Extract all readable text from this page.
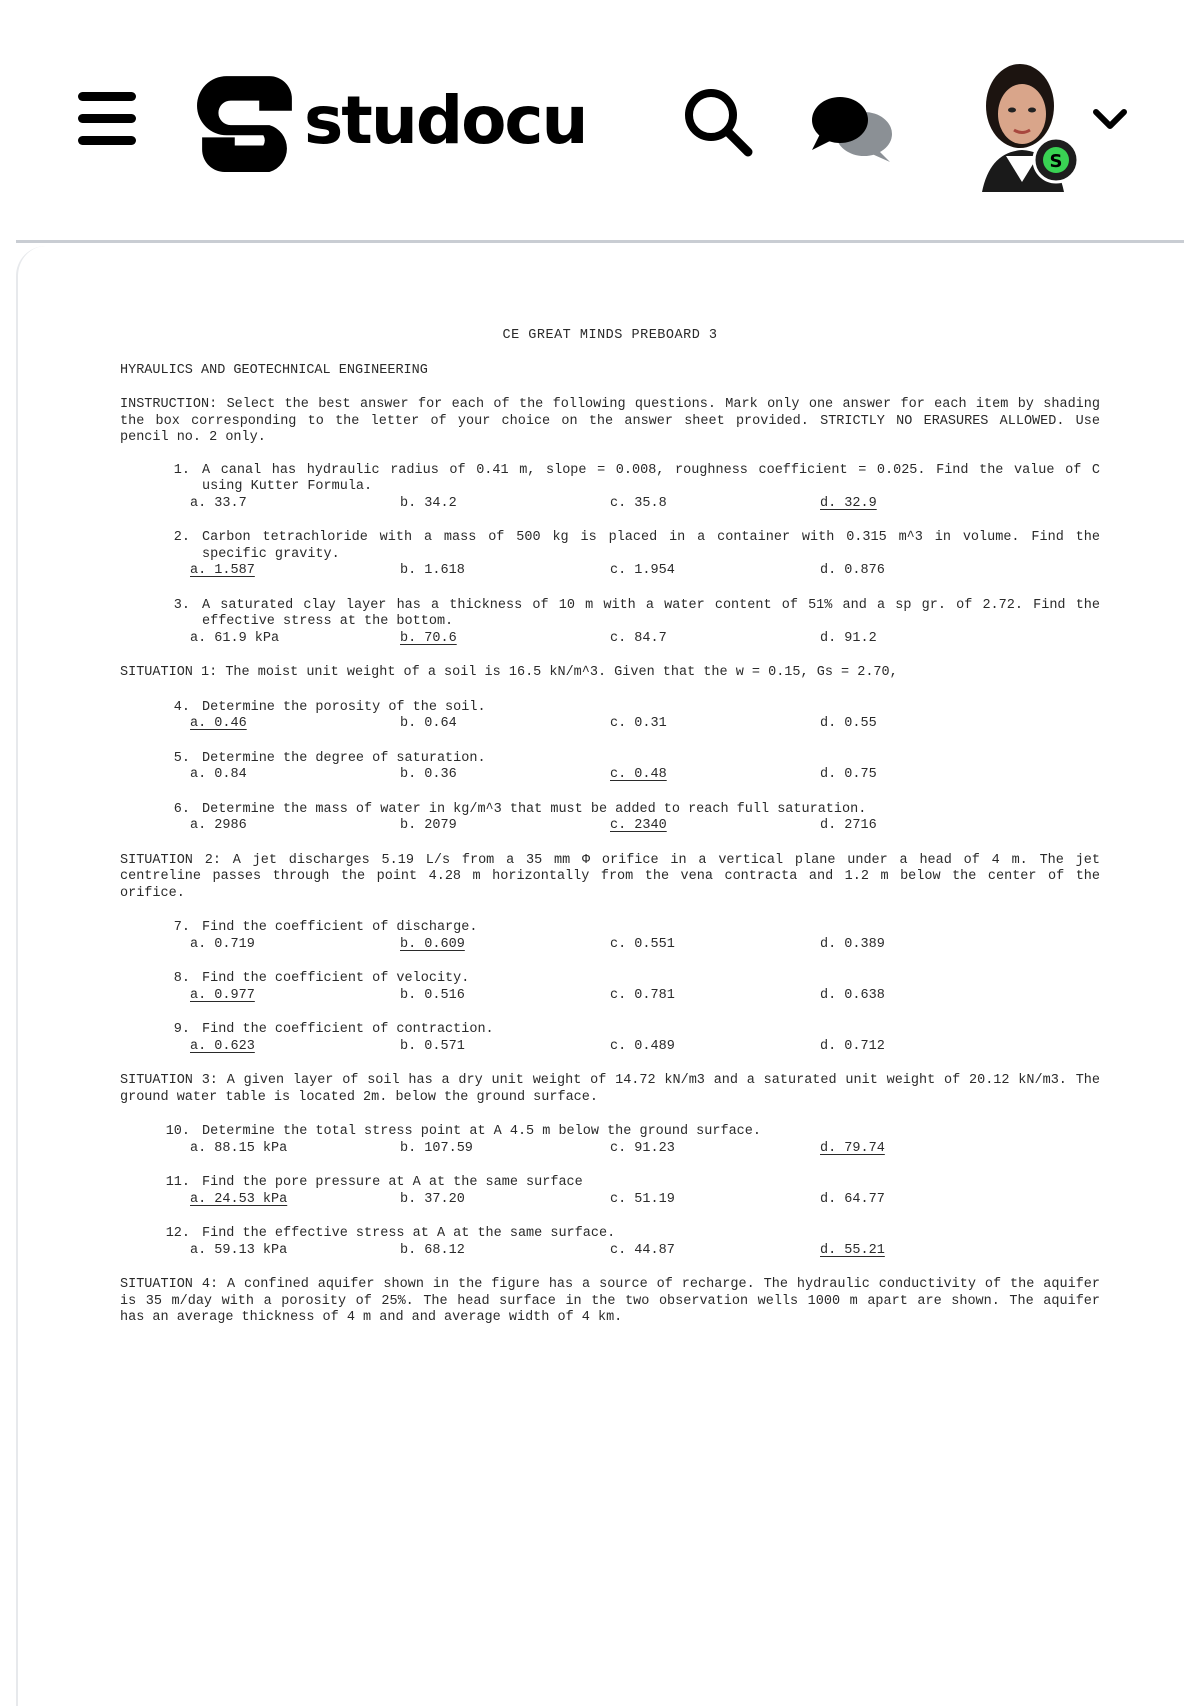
studocu
S
CE GREAT MINDS PREBOARD 3
HYRAULICS AND GEOTECHNICAL ENGINEERING
INSTRUCTION: Select the best answer for each of the following questions. Mark only one answer for each item by shading the box corresponding to the letter of your choice on the answer sheet provided. STRICTLY NO ERASURES ALLOWED. Use pencil no. 2 only.
1. A canal has hydraulic radius of 0.41 m, slope = 0.008, roughness coefficient = 0.025. Find the value of C using Kutter Formula.
a. 33.7	b. 34.2	c. 35.8	d. 32.9
2. Carbon tetrachloride with a mass of 500 kg is placed in a container with 0.315 m^3 in volume. Find the specific gravity.
a. 1.587	b. 1.618	c. 1.954	d. 0.876
3. A saturated clay layer has a thickness of 10 m with a water content of 51% and a sp gr. of 2.72. Find the effective stress at the bottom.
a. 61.9 kPa	b. 70.6	c. 84.7	d. 91.2
SITUATION 1: The moist unit weight of a soil is 16.5 kN/m^3. Given that the w = 0.15, Gs = 2.70,
4. Determine the porosity of the soil.
a. 0.46	b. 0.64	c. 0.31	d. 0.55
5. Determine the degree of saturation.
a. 0.84	b. 0.36	c. 0.48	d. 0.75
6. Determine the mass of water in kg/m^3 that must be added to reach full saturation.
a. 2986	b. 2079	c. 2340	d. 2716
SITUATION 2: A jet discharges 5.19 L/s from a 35 mm Φ orifice in a vertical plane under a head of 4 m. The jet centreline passes through the point 4.28 m horizontally from the vena contracta and 1.2 m below the center of the orifice.
7. Find the coefficient of discharge.
a. 0.719	b. 0.609	c. 0.551	d. 0.389
8. Find the coefficient of velocity.
a. 0.977	b. 0.516	c. 0.781	d. 0.638
9. Find the coefficient of contraction.
a. 0.623	b. 0.571	c. 0.489	d. 0.712
SITUATION 3: A given layer of soil has a dry unit weight of 14.72 kN/m3 and a saturated unit weight of 20.12 kN/m3. The ground water table is located 2m. below the ground surface.
10. Determine the total stress point at A 4.5 m below the ground surface.
a. 88.15 kPa	b. 107.59	c. 91.23	d. 79.74
11. Find the pore pressure at A at the same surface
a. 24.53 kPa	b. 37.20	c. 51.19	d. 64.77
12. Find the effective stress at A at the same surface.
a. 59.13 kPa	b. 68.12	c. 44.87	d. 55.21
SITUATION 4: A confined aquifer shown in the figure has a source of recharge. The hydraulic conductivity of the aquifer is 35 m/day with a porosity of 25%. The head surface in the two observation wells 1000 m apart are shown. The aquifer has an average thickness of 4 m and and average width of 4 km.
